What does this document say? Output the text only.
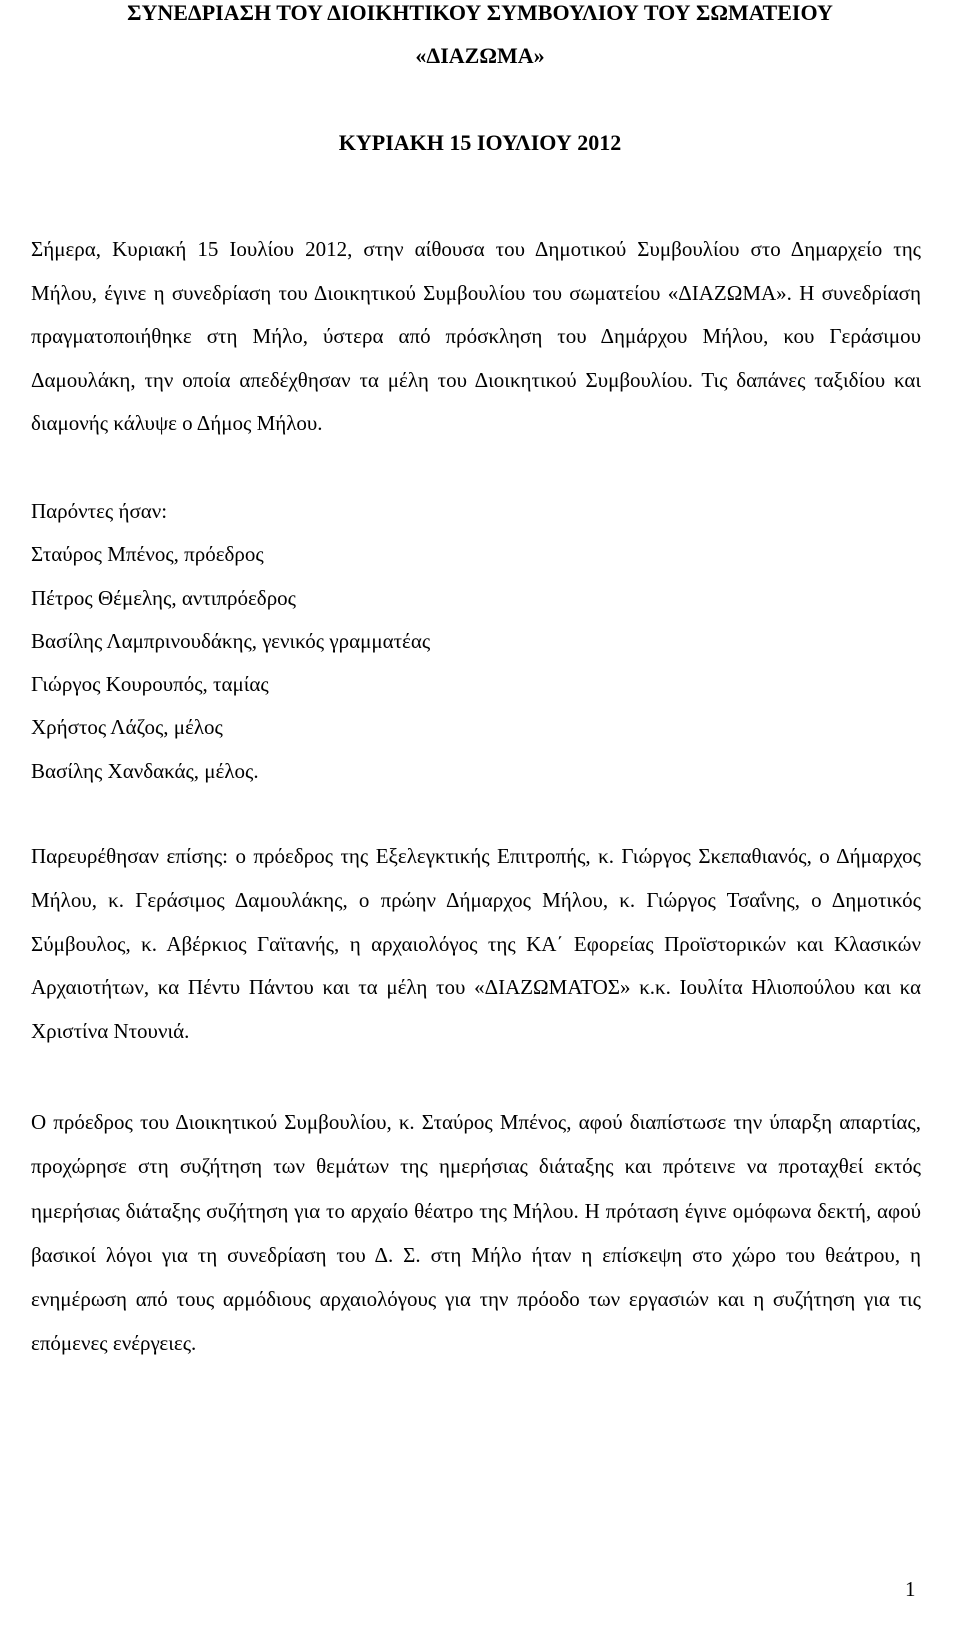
ΣΥΝΕΔΡΙΑΣΗ ΤΟΥ ΔΙΟΙΚΗΤΙΚΟΥ ΣΥΜΒΟΥΛΙΟΥ ΤΟΥ ΣΩΜΑΤΕΙΟΥ

«ΔΙΑΖΩΜΑ»

ΚΥΡΙΑΚΗ 15 ΙΟΥΛΙΟΥ 2012

Σήμερα, Κυριακή 15 Ιουλίου 2012, στην αίθουσα του Δημοτικού Συμβουλίου στο Δημαρχείο της Μήλου, έγινε η συνεδρίαση του Διοικητικού Συμβουλίου του σωματείου «ΔΙΑΖΩΜΑ». Η συνεδρίαση πραγματοποιήθηκε στη Μήλο, ύστερα από πρόσκληση του Δημάρχου Μήλου, κου Γεράσιμου Δαμουλάκη, την οποία απεδέχθησαν τα μέλη του Διοικητικού Συμβουλίου. Τις δαπάνες ταξιδίου και διαμονής κάλυψε ο Δήμος Μήλου.

Παρόντες ήσαν:
Σταύρος Μπένος, πρόεδρος
Πέτρος Θέμελης, αντιπρόεδρος
Βασίλης Λαμπρινουδάκης, γενικός γραμματέας
Γιώργος Κουρουπός, ταμίας
Χρήστος Λάζος, μέλος
Βασίλης Χανδακάς, μέλος.

Παρευρέθησαν επίσης: ο πρόεδρος της Εξελεγκτικής Επιτροπής, κ. Γιώργος Σκεπαθιανός, ο Δήμαρχος Μήλου, κ. Γεράσιμος Δαμουλάκης, ο πρώην Δήμαρχος Μήλου, κ. Γιώργος Τσαΐνης, ο Δημοτικός Σύμβουλος, κ. Αβέρκιος Γαϊτανής, η αρχαιολόγος της ΚΑ΄ Εφορείας Προϊστορικών και Κλασικών Αρχαιοτήτων, κα Πέντυ Πάντου και τα μέλη του «ΔΙΑΖΩΜΑΤΟΣ» κ.κ. Ιουλίτα Ηλιοπούλου και κα Χριστίνα Ντουνιά.

Ο πρόεδρος του Διοικητικού Συμβουλίου, κ. Σταύρος Μπένος, αφού διαπίστωσε την ύπαρξη απαρτίας, προχώρησε στη συζήτηση των θεμάτων της ημερήσιας διάταξης και πρότεινε να προταχθεί εκτός ημερήσιας διάταξης συζήτηση για το αρχαίο θέατρο της Μήλου. Η πρόταση έγινε ομόφωνα δεκτή, αφού βασικοί λόγοι για τη συνεδρίαση του Δ. Σ. στη Μήλο ήταν η επίσκεψη στο χώρο του θεάτρου, η ενημέρωση από τους αρμόδιους αρχαιολόγους για την πρόοδο των εργασιών και η συζήτηση για τις επόμενες ενέργειες.

1
